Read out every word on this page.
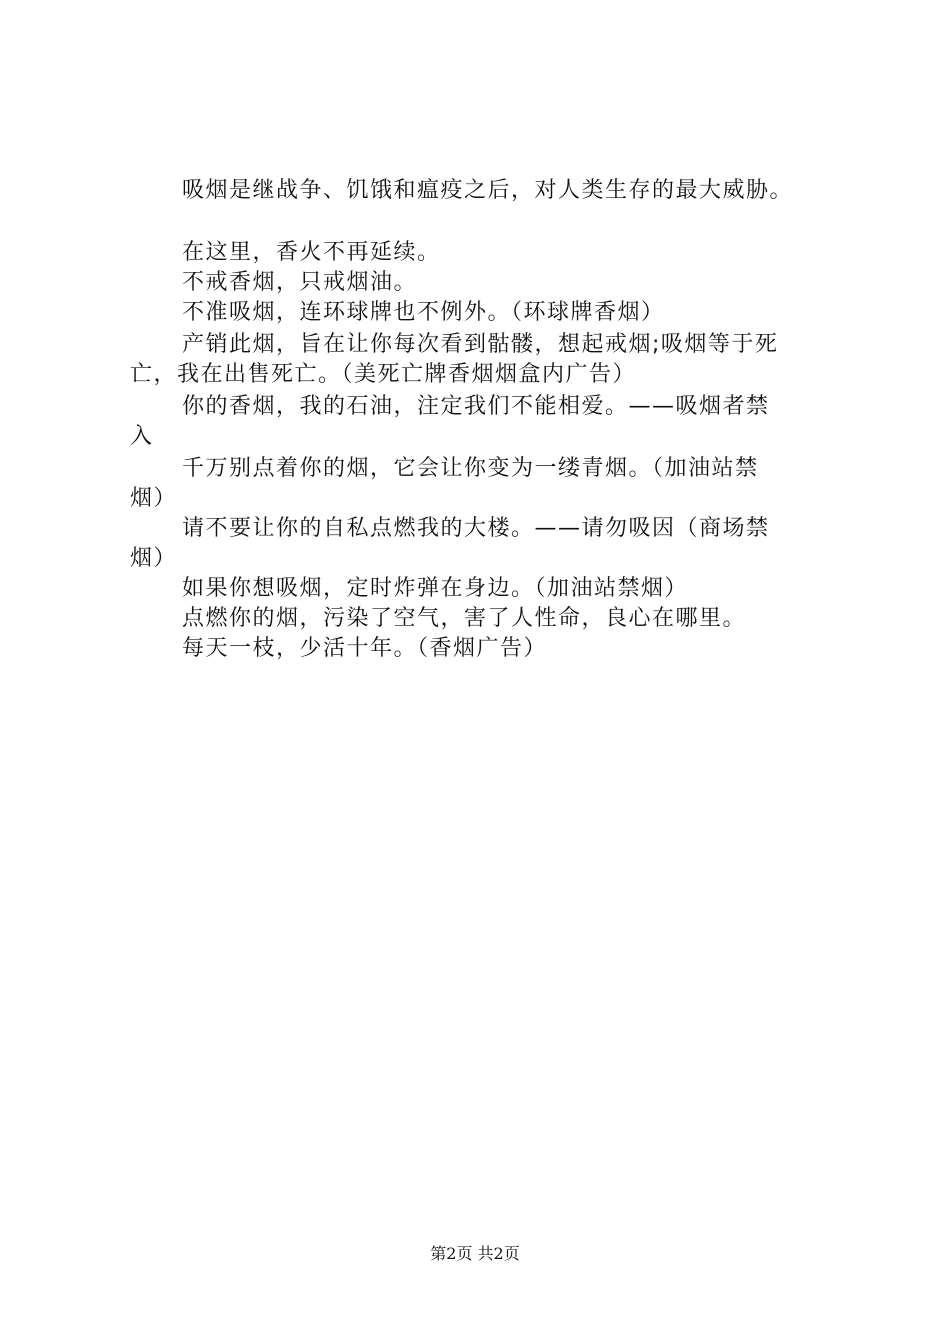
吸烟是继战争、饥饿和瘟疫之后，对人类生存的最大威胁。
在这里，香火不再延续。
不戒香烟，只戒烟油。
不准吸烟，连环球牌也不例外。（环球牌香烟）
产销此烟，旨在让你每次看到骷髅，想起戒烟;吸烟等于死
亡，我在出售死亡。（美死亡牌香烟烟盒内广告）
你的香烟，我的石油，注定我们不能相爱。——吸烟者禁
入
千万别点着你的烟，它会让你变为一缕青烟。（加油站禁
烟）
请不要让你的自私点燃我的大楼。——请勿吸因（商场禁
烟）
如果你想吸烟，定时炸弹在身边。（加油站禁烟）
点燃你的烟，污染了空气，害了人性命，良心在哪里。
每天一枝，少活十年。（香烟广告）
第2页 共2页
